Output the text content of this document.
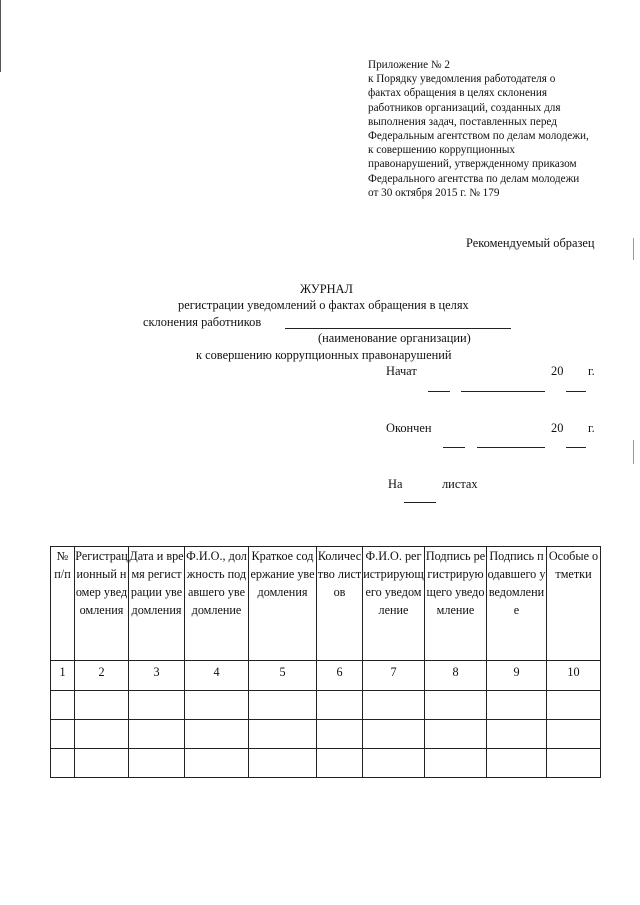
Приложение № 2
к Порядку уведомления работодателя о
фактах обращения в целях склонения
работников организаций, созданных для
выполнения задач, поставленных перед
Федеральным агентством по делам молодежи,
к совершению коррупционных
правонарушений, утвержденному приказом
Федерального агентства по делам молодежи
от 30 октября 2015 г. № 179
Рекомендуемый образец
ЖУРНАЛ
регистрации уведомлений о фактах обращения в целях
склонения работников
(наименование организации)
к совершению коррупционных правонарушений
Начат	20 г.
Окончен	20 г.
На	листах
№ п/п	Регистрационный номер уведомления	Дата и время регистрации уведомления	Ф.И.О., должность подавшего уведомление	Краткое содержание уведомления	Количество листов	Ф.И.О. регистрирующего уведомление	Подпись регистрирующего уведомление	Подпись подавшего уведомление	Особые отметки

1	2	3	4	5	6	7	8	9	10
